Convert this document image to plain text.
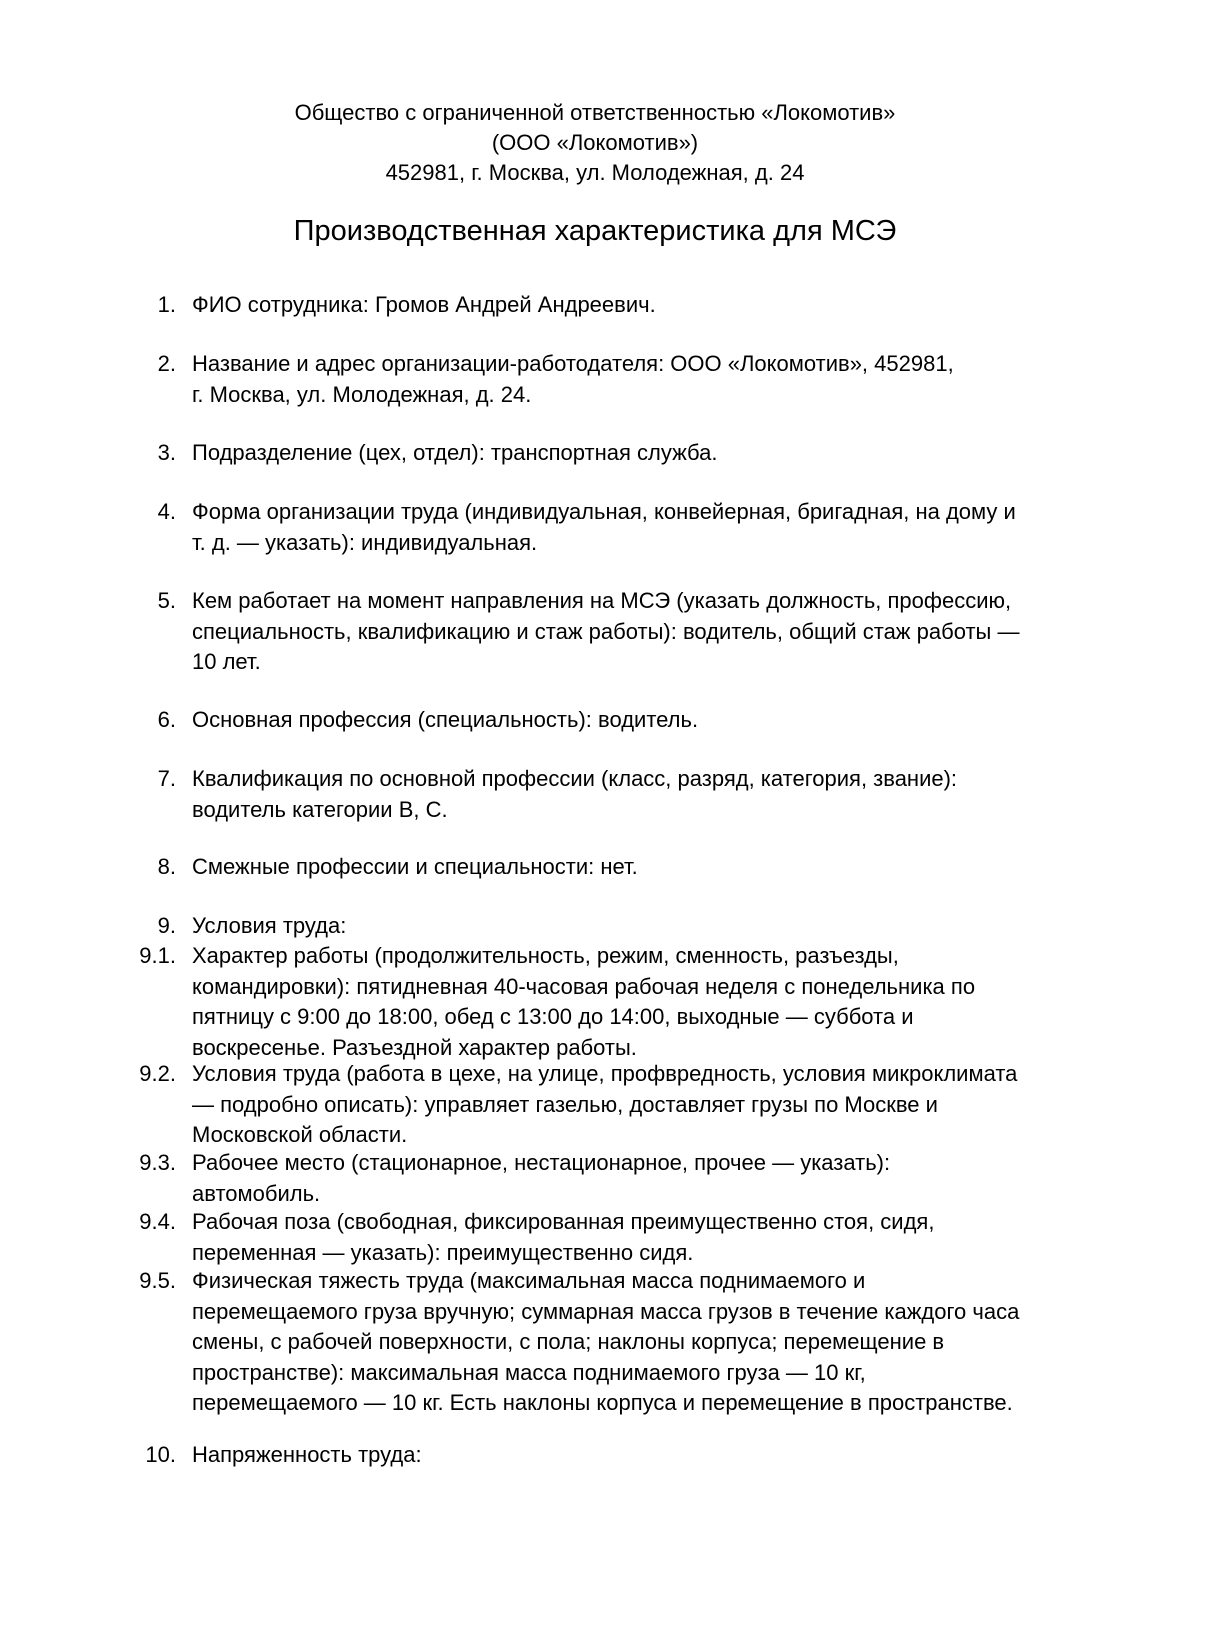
Общество с ограниченной ответственностью «Локомотив»
(ООО «Локомотив»)
452981, г. Москва, ул. Молодежная, д. 24
Производственная характеристика для МСЭ
1. ФИО сотрудника: Громов Андрей Андреевич.
2. Название и адрес организации-работодателя: ООО «Локомотив», 452981,
г. Москва, ул. Молодежная, д. 24.
3. Подразделение (цех, отдел): транспортная служба.
4. Форма организации труда (индивидуальная, конвейерная, бригадная, на дому и
т. д. — указать): индивидуальная.
5. Кем работает на момент направления на МСЭ (указать должность, профессию,
специальность, квалификацию и стаж работы): водитель, общий стаж работы —
10 лет.
6. Основная профессия (специальность): водитель.
7. Квалификация по основной профессии (класс, разряд, категория, звание):
водитель категории В, С.
8. Смежные профессии и специальности: нет.
9. Условия труда:
9.1. Характер работы (продолжительность, режим, сменность, разъезды,
командировки): пятидневная 40-часовая рабочая неделя с понедельника по
пятницу с 9:00 до 18:00, обед с 13:00 до 14:00, выходные — суббота и
воскресенье. Разъездной характер работы.
9.2. Условия труда (работа в цехе, на улице, профвредность, условия микроклимата
— подробно описать): управляет газелью, доставляет грузы по Москве и
Московской области.
9.3. Рабочее место (стационарное, нестационарное, прочее — указать):
автомобиль.
9.4. Рабочая поза (свободная, фиксированная преимущественно стоя, сидя,
переменная — указать): преимущественно сидя.
9.5. Физическая тяжесть труда (максимальная масса поднимаемого и
перемещаемого груза вручную; суммарная масса грузов в течение каждого часа
смены, с рабочей поверхности, с пола; наклоны корпуса; перемещение в
пространстве): максимальная масса поднимаемого груза — 10 кг,
перемещаемого — 10 кг. Есть наклоны корпуса и перемещение в пространстве.
10. Напряженность труда:
